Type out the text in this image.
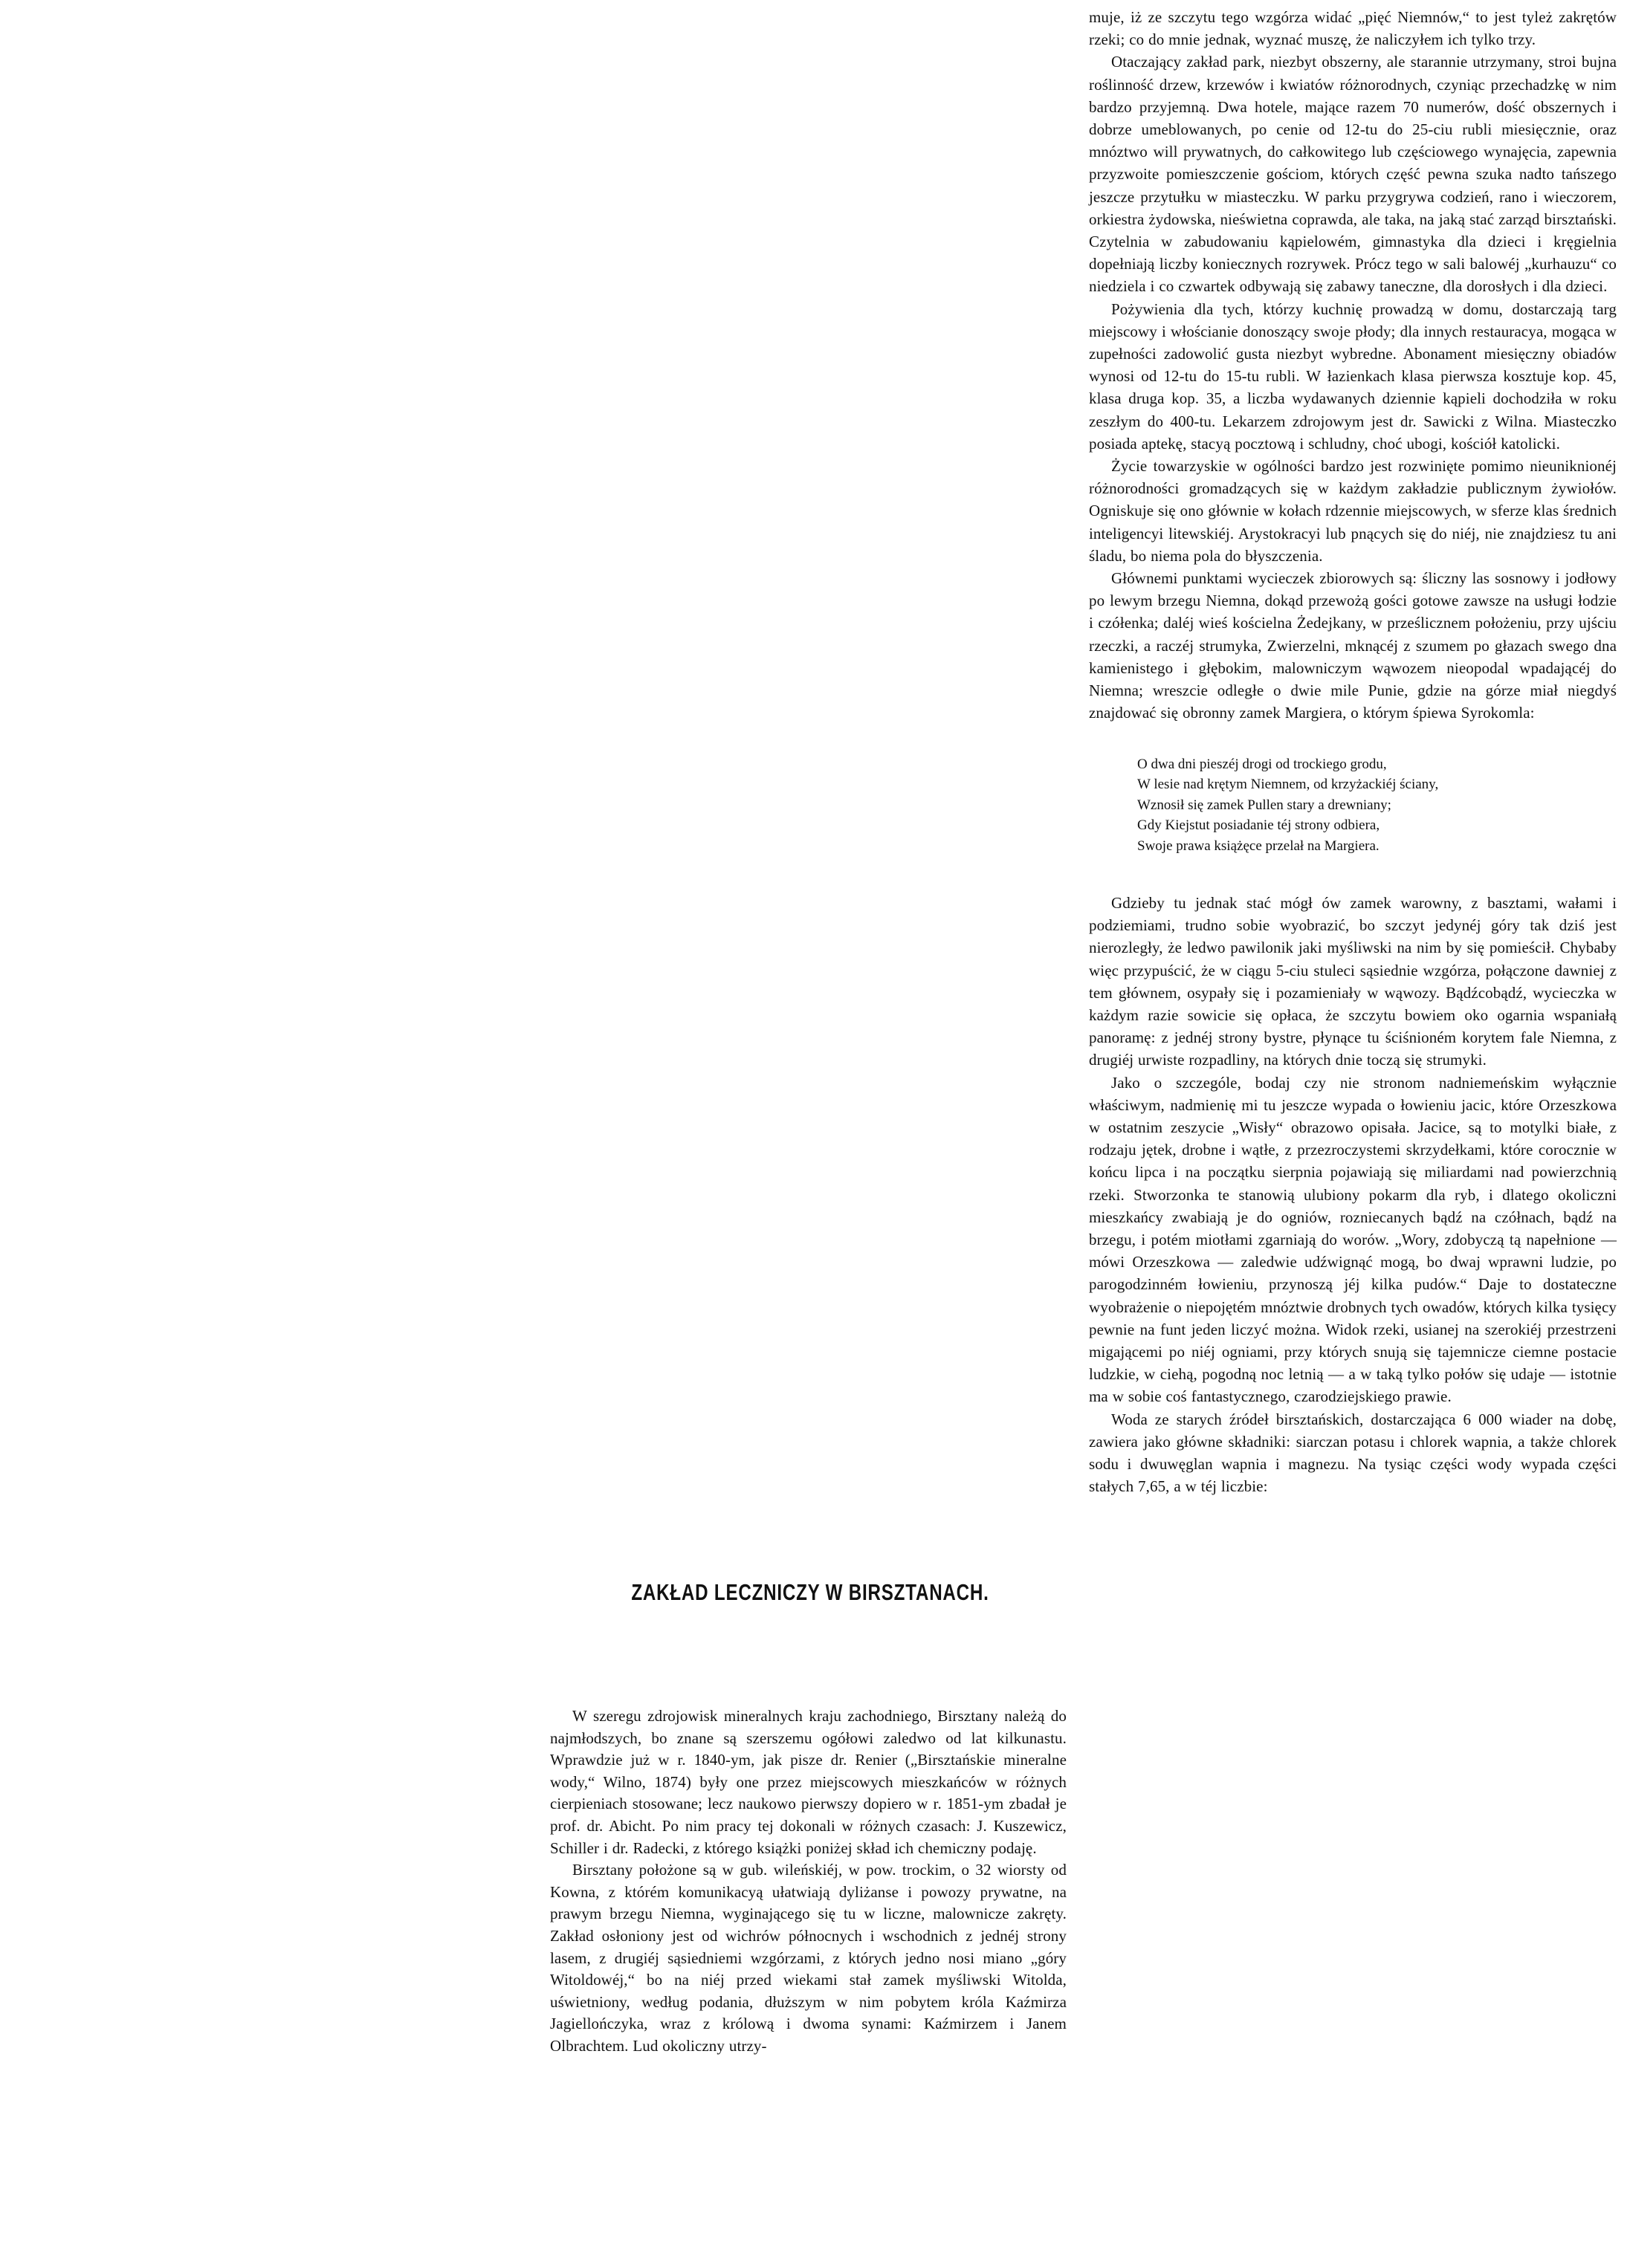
ZAKŁAD LECZNICZY W BIRSZTANACH.

W szeregu zdrojowisk mineralnych kraju zachodniego, Birsztany należą do najmłodszych, bo znane są szerszemu ogółowi zaledwo od lat kilkunastu. Wprawdzie już w r. 1840-ym, jak pisze dr. Renier („Birsztańskie mineralne wody,“ Wilno, 1874) były one przez miejscowych mieszkańców w różnych cierpieniach stosowane; lecz naukowo pierwszy dopiero w r. 1851-ym zbadał je prof. dr. Abicht. Po nim pracy tej dokonali w różnych czasach: J. Kuszewicz, Schiller i dr. Radecki, z którego książki poniżej skład ich chemiczny podaję.

Birsztany położone są w gub. wileńskiéj, w pow. trockim, o 32 wiorsty od Kowna, z którém komunikacyą ułatwiają dyliżanse i powozy prywatne, na prawym brzegu Niemna, wyginającego się tu w liczne, malownicze zakręty. Zakład osłoniony jest od wichrów północnych i wschodnich z jednéj strony lasem, z drugiéj sąsiedniemi wzgórzami, z których jedno nosi miano „góry Witoldowéj,“ bo na niéj przed wiekami stał zamek myśliwski Witolda, uświetniony, według podania, dłuższym w nim pobytem króla Kaźmirza Jagiellończyka, wraz z królową i dwoma synami: Kaźmirzem i Janem Olbrachtem. Lud okoliczny utrzy-

muje, iż ze szczytu tego wzgórza widać „pięć Niemnów,“ to jest tyleż zakrętów rzeki; co do mnie jednak, wyznać muszę, że naliczyłem ich tylko trzy.

Otaczający zakład park, niezbyt obszerny, ale starannie utrzymany, stroi bujna roślinność drzew, krzewów i kwiatów różnorodnych, czyniąc przechadzkę w nim bardzo przyjemną. Dwa hotele, mające razem 70 numerów, dość obszernych i dobrze umeblowanych, po cenie od 12-tu do 25-ciu rubli miesięcznie, oraz mnóztwo will prywatnych, do całkowitego lub częściowego wynajęcia, zapewnia przyzwoite pomieszczenie gościom, których część pewna szuka nadto tańszego jeszcze przytułku w miasteczku. W parku przygrywa codzień, rano i wieczorem, orkiestra żydowska, nieświetna coprawda, ale taka, na jaką stać zarząd birsztański. Czytelnia w zabudowaniu kąpielowém, gimnastyka dla dzieci i kręgielnia dopełniają liczby koniecznych rozrywek. Prócz tego w sali balowéj „kurhauzu“ co niedziela i co czwartek odbywają się zabawy taneczne, dla dorosłych i dla dzieci.

Pożywienia dla tych, którzy kuchnię prowadzą w domu, dostarczają targ miejscowy i włościanie donoszący swoje płody; dla innych restauracya, mogąca w zupełności zadowolić gusta niezbyt wybredne. Abonament miesięczny obiadów wynosi od 12-tu do 15-tu rubli. W łazienkach klasa pierwsza kosztuje kop. 45, klasa druga kop. 35, a liczba wydawanych dziennie kąpieli dochodziła w roku zeszłym do 400-tu. Lekarzem zdrojowym jest dr. Sawicki z Wilna. Miasteczko posiada aptekę, stacyą pocztową i schludny, choć ubogi, kościół katolicki.

Życie towarzyskie w ogólności bardzo jest rozwinięte pomimo nieuniknionéj różnorodności gromadzących się w każdym zakładzie publicznym żywiołów. Ogniskuje się ono głównie w kołach rdzennie miejscowych, w sferze klas średnich inteligencyi litewskiéj. Arystokracyi lub pnących się do niéj, nie znajdziesz tu ani śladu, bo niema pola do błyszczenia.

Głównemi punktami wycieczek zbiorowych są: śliczny las sosnowy i jodłowy po lewym brzegu Niemna, dokąd przewożą gości gotowe zawsze na usługi łodzie i czółenka; daléj wieś kościelna Żedejkany, w prześlicznem położeniu, przy ujściu rzeczki, a raczéj strumyka, Zwierzelni, mknącéj z szumem po głazach swego dna kamienistego i głębokim, malowniczym wąwozem nieopodal wpadającéj do Niemna; wreszcie odległe o dwie mile Punie, gdzie na górze miał niegdyś znajdować się obronny zamek Margiera, o którym śpiewa Syrokomla:

O dwa dni pieszéj drogi od trockiego grodu,
W lesie nad krętym Niemnem, od krzyżackiéj ściany,
Wznosił się zamek Pullen stary a drewniany;
Gdy Kiejstut posiadanie téj strony odbiera,
Swoje prawa książęce przelał na Margiera.

Gdzieby tu jednak stać mógł ów zamek warowny, z basztami, wałami i podziemiami, trudno sobie wyobrazić, bo szczyt jedynéj góry tak dziś jest nierozległy, że ledwo pawilonik jaki myśliwski na nim by się pomieścił. Chybaby więc przypuścić, że w ciągu 5-ciu stuleci sąsiednie wzgórza, połączone dawniej z tem głównem, osypały się i pozamieniały w wąwozy. Bądźcobądź, wycieczka w każdym razie sowicie się opłaca, że szczytu bowiem oko ogarnia wspaniałą panoramę: z jednéj strony bystre, płynące tu ściśnioném korytem fale Niemna, z drugiéj urwiste rozpadliny, na których dnie toczą się strumyki.

Jako o szczególe, bodaj czy nie stronom nadniemeńskim wyłącznie właściwym, nadmienię mi tu jeszcze wypada o łowieniu jacic, które Orzeszkowa w ostatnim zeszycie „Wisły“ obrazowo opisała. Jacice, są to motylki białe, z rodzaju jętek, drobne i wątłe, z przezroczystemi skrzydełkami, które corocznie w końcu lipca i na początku sierpnia pojawiają się miliardami nad powierzchnią rzeki. Stworzonka te stanowią ulubiony pokarm dla ryb, i dlatego okoliczni mieszkańcy zwabiają je do ogniów, rozniecanych bądź na czółnach, bądź na brzegu, i potém miotłami zgarniają do worów. „Wory, zdobyczą tą napełnione — mówi Orzeszkowa — zaledwie udźwignąć mogą, bo dwaj wprawni ludzie, po parogodzinném łowieniu, przynoszą jéj kilka pudów.“ Daje to dostateczne wyobrażenie o niepojętém mnóztwie drobnych tych owadów, których kilka tysięcy pewnie na funt jeden liczyć można. Widok rzeki, usianej na szerokiéj przestrzeni migającemi po niéj ogniami, przy których snują się tajemnicze ciemne postacie ludzkie, w ciehą, pogodną noc letnią — a w taką tylko połów się udaje — istotnie ma w sobie coś fantastycznego, czarodziejskiego prawie.

Woda ze starych źródeł birsztańskich, dostarczająca 6 000 wiader na dobę, zawiera jako główne składniki: siarczan potasu i chlorek wapnia, a także chlorek sodu i dwuwęglan wapnia i magnezu. Na tysiąc części wody wypada części stałych 7,65, a w téj liczbie:
